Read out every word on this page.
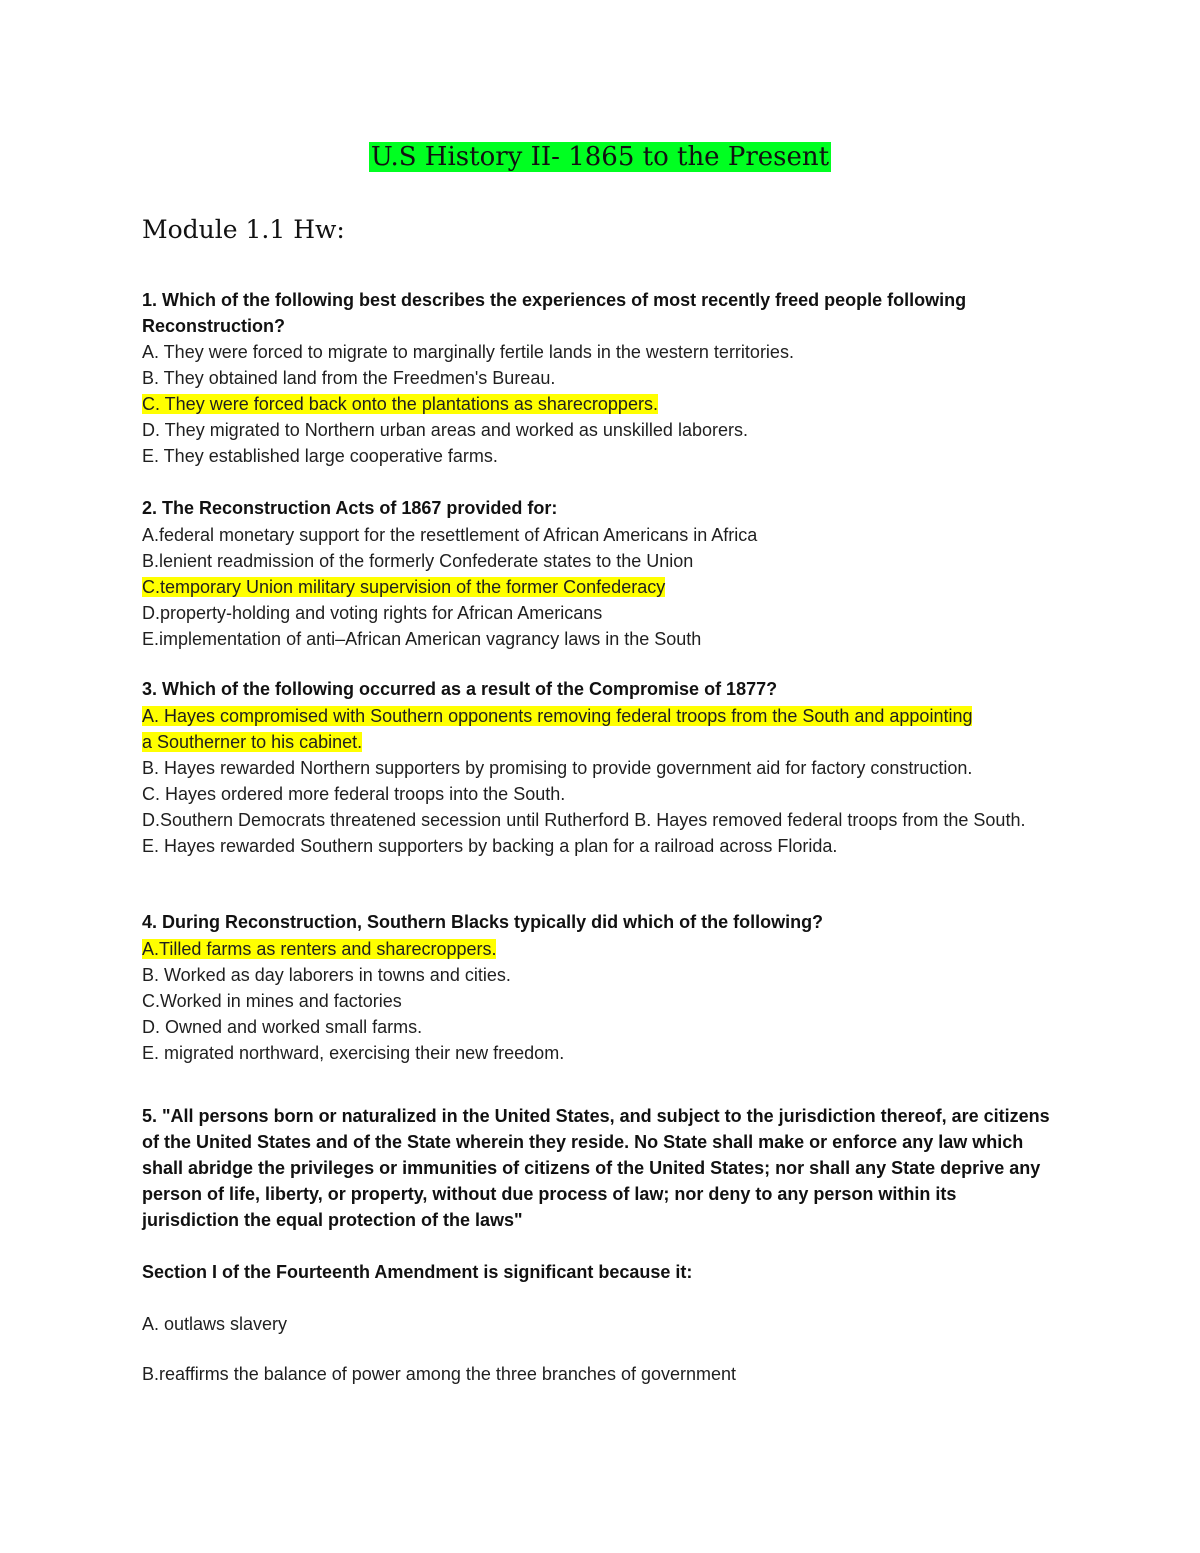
U.S History II- 1865 to the Present
Module 1.1 Hw:
1. Which of the following best describes the experiences of most recently freed people following Reconstruction?
A. They were forced to migrate to marginally fertile lands in the western territories.
B. They obtained land from the Freedmen's Bureau.
C. They were forced back onto the plantations as sharecroppers.
D. They migrated to Northern urban areas and worked as unskilled laborers.
E. They established large cooperative farms.
2. The Reconstruction Acts of 1867 provided for:
A.federal monetary support for the resettlement of African Americans in Africa
B.lenient readmission of the formerly Confederate states to the Union
C.temporary Union military supervision of the former Confederacy
D.property-holding and voting rights for African Americans
E.implementation of anti–African American vagrancy laws in the South
3. Which of the following occurred as a result of the Compromise of 1877?
A. Hayes compromised with Southern opponents removing federal troops from the South and appointing
a Southerner to his cabinet.
B. Hayes rewarded Northern supporters by promising to provide government aid for factory construction.
C. Hayes ordered more federal troops into the South.
D.Southern Democrats threatened secession until Rutherford B. Hayes removed federal troops from the South.
E. Hayes rewarded Southern supporters by backing a plan for a railroad across Florida.
4. During Reconstruction, Southern Blacks typically did which of the following?
A.Tilled farms as renters and sharecroppers.
B. Worked as day laborers in towns and cities.
C.Worked in mines and factories
D. Owned and worked small farms.
E. migrated northward, exercising their new freedom.
5. "All persons born or naturalized in the United States, and subject to the jurisdiction thereof, are citizens of the United States and of the State wherein they reside. No State shall make or enforce any law which shall abridge the privileges or immunities of citizens of the United States; nor shall any State deprive any person of life, liberty, or property, without due process of law; nor deny to any person within its jurisdiction the equal protection of the laws"
Section I of the Fourteenth Amendment is significant because it:
A. outlaws slavery
B.reaffirms the balance of power among the three branches of government
